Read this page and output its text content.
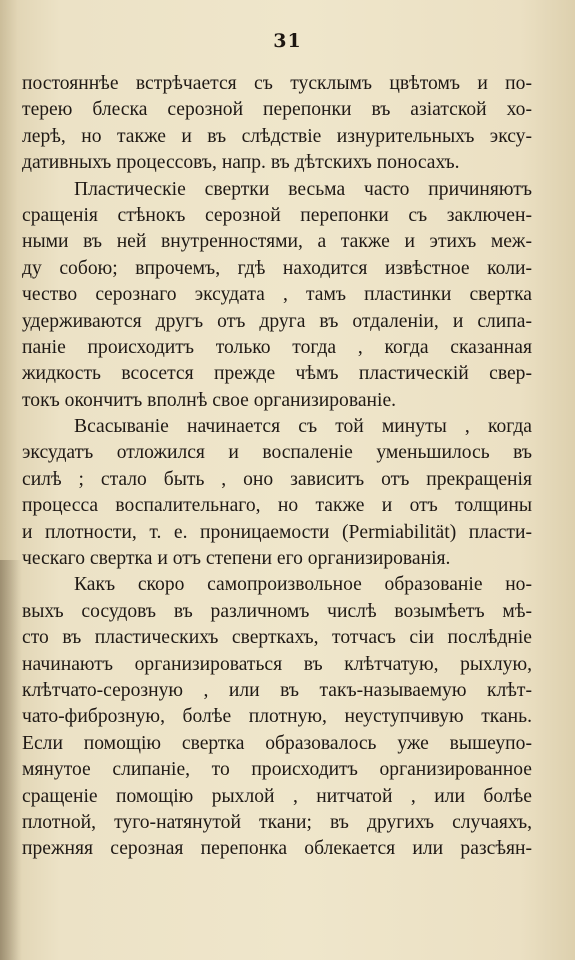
31
постояннѣе встрѣчается съ тусклымъ цвѣтомъ и по-
терею блеска серозной перепонки въ азіатской хо-
лерѣ, но также и въ слѣдствіе изнурительныхъ эксу-
дативныхъ процессовъ, напр. въ дѣтскихъ поносахъ.
Пластическіе свертки весьма часто причиняютъ
сращенія стѣнокъ серозной перепонки съ заключен-
ными въ ней внутренностями, а также и этихъ меж-
ду собою; впрочемъ, гдѣ находится извѣстное коли-
чество сeрознаго эксудата , тамъ пластинки свертка
удерживаются другъ отъ друга въ отдаленіи, и слипа-
паніе происходитъ только тогда , когда сказанная
жидкость всосется прежде чѣмъ пластическій свер-
токъ окончитъ вполнѣ свое организированіе.
Всасываніе начинается съ той минуты , когда
эксудатъ отложился и воспаленіе уменьшилось въ
силѣ ; стало быть , оно зависитъ отъ прекращенія
процесса воспалительнаго, но также и отъ толщины
и плотности, т. е. проницаемости (Permiabilität) пласти-
ческаго свертка и отъ степени его организированія.
Какъ скоро самопроизвольное образованіе но-
выхъ сосудовъ въ различномъ числѣ возымѣетъ мѣ-
сто въ пластическихъ сверткахъ, тотчасъ сіи послѣдніе
начинаютъ организироваться въ клѣтчатую, рыхлую,
клѣтчато-серозную , или въ такъ-называемую клѣт-
чато-фиброзную, болѣе плотную, неуступчивую ткань.
Если помощію свертка образовалось уже вышеупо-
мянутое слипаніе, то происходитъ организированное
сращеніе помощію рыхлой , нитчатой , или болѣе
плотной, туго-натянутой ткани; въ другихъ случаяхъ,
прежняя серозная перепонка облекается или разсѣян-
